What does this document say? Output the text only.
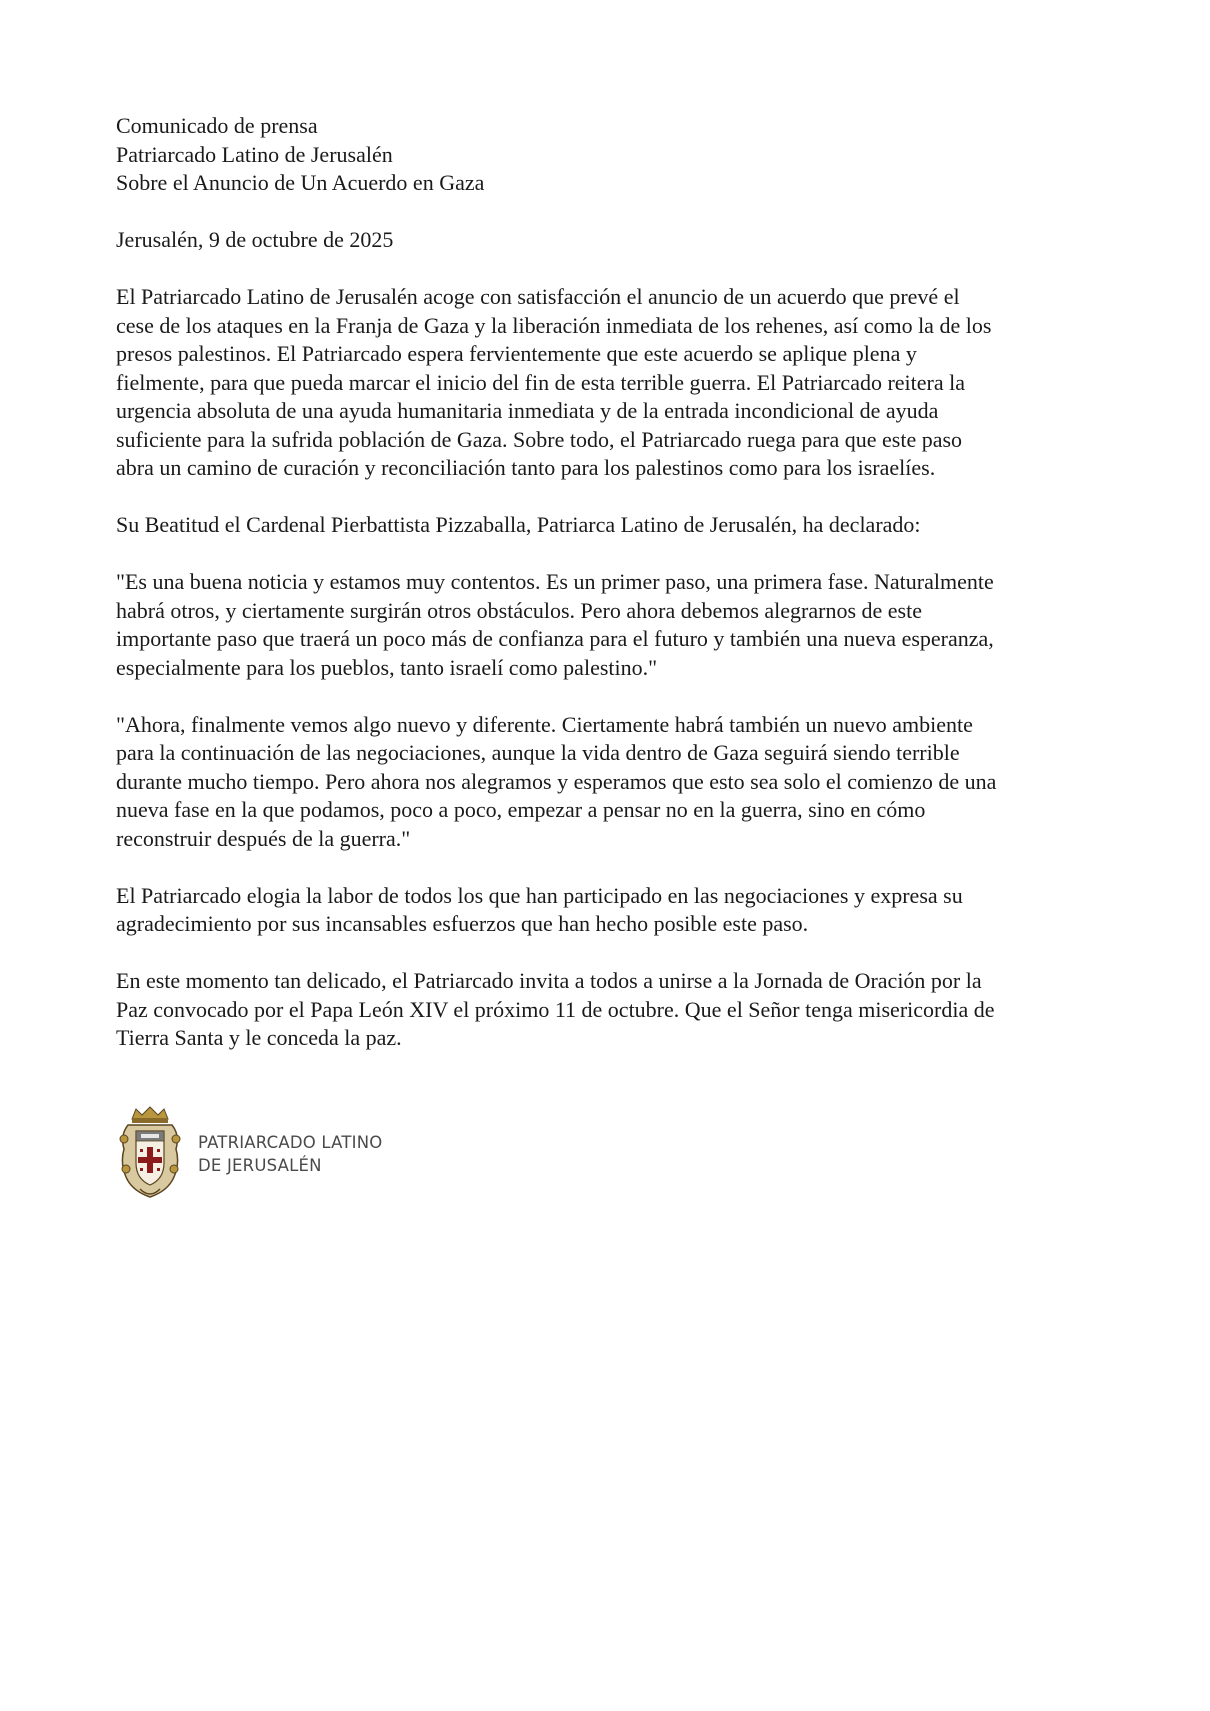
Comunicado de prensa
Patriarcado Latino de Jerusalén
Sobre el Anuncio de Un Acuerdo en Gaza
Jerusalén, 9 de octubre de 2025
El Patriarcado Latino de Jerusalén acoge con satisfacción el anuncio de un acuerdo que prevé el
cese de los ataques en la Franja de Gaza y la liberación inmediata de los rehenes, así como la de los
presos palestinos. El Patriarcado espera fervientemente que este acuerdo se aplique plena y
fielmente, para que pueda marcar el inicio del fin de esta terrible guerra. El Patriarcado reitera la
urgencia absoluta de una ayuda humanitaria inmediata y de la entrada incondicional de ayuda
suficiente para la sufrida población de Gaza. Sobre todo, el Patriarcado ruega para que este paso
abra un camino de curación y reconciliación tanto para los palestinos como para los israelíes.
Su Beatitud el Cardenal Pierbattista Pizzaballa, Patriarca Latino de Jerusalén, ha declarado:
"Es una buena noticia y estamos muy contentos. Es un primer paso, una primera fase. Naturalmente
habrá otros, y ciertamente surgirán otros obstáculos. Pero ahora debemos alegrarnos de este
importante paso que traerá un poco más de confianza para el futuro y también una nueva esperanza,
especialmente para los pueblos, tanto israelí como palestino."
"Ahora, finalmente vemos algo nuevo y diferente. Ciertamente habrá también un nuevo ambiente
para la continuación de las negociaciones, aunque la vida dentro de Gaza seguirá siendo terrible
durante mucho tiempo. Pero ahora nos alegramos y esperamos que esto sea solo el comienzo de una
nueva fase en la que podamos, poco a poco, empezar a pensar no en la guerra, sino en cómo
reconstruir después de la guerra."
El Patriarcado elogia la labor de todos los que han participado en las negociaciones y expresa su
agradecimiento por sus incansables esfuerzos que han hecho posible este paso.
En este momento tan delicado, el Patriarcado invita a todos a unirse a la Jornada de Oración por la
Paz convocado por el Papa León XIV el próximo 11 de octubre. Que el Señor tenga misericordia de
Tierra Santa y le conceda la paz.
PATRIARCADO LATINO
DE JERUSALÉN
